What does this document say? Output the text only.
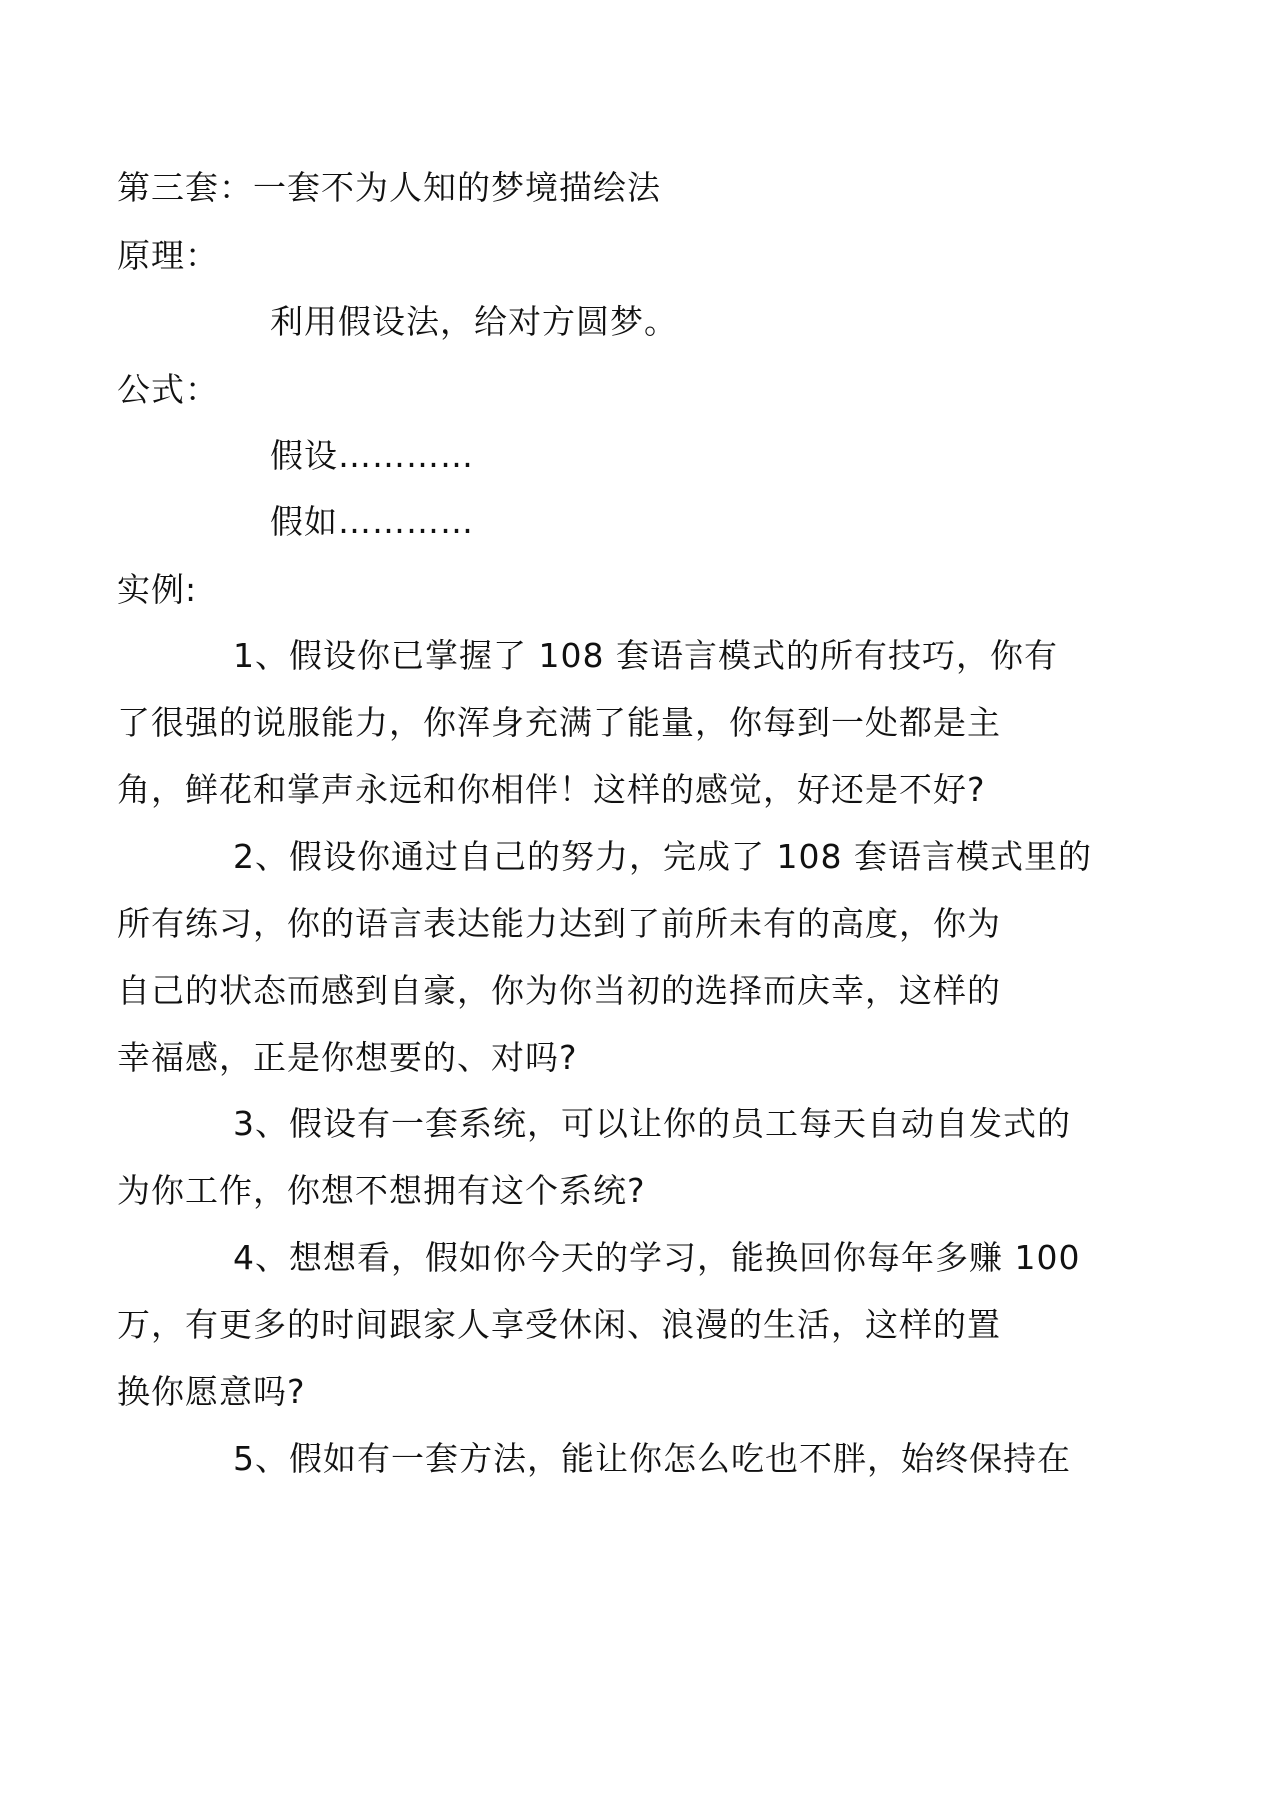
第三套：一套不为人知的梦境描绘法
原理：
利用假设法，给对方圆梦。
公式：
假设…………
假如…………
实例:
1、假设你已掌握了 108 套语言模式的所有技巧，你有
了很强的说服能力，你浑身充满了能量，你每到一处都是主
角，鲜花和掌声永远和你相伴！这样的感觉，好还是不好?
2、假设你通过自己的努力，完成了 108 套语言模式里的
所有练习，你的语言表达能力达到了前所未有的高度，你为
自己的状态而感到自豪，你为你当初的选择而庆幸，这样的
幸福感，正是你想要的、对吗?
3、假设有一套系统，可以让你的员工每天自动自发式的
为你工作，你想不想拥有这个系统?
4、想想看，假如你今天的学习，能换回你每年多赚 100
万，有更多的时间跟家人享受休闲、浪漫的生活，这样的置
换你愿意吗?
5、假如有一套方法，能让你怎么吃也不胖，始终保持在
